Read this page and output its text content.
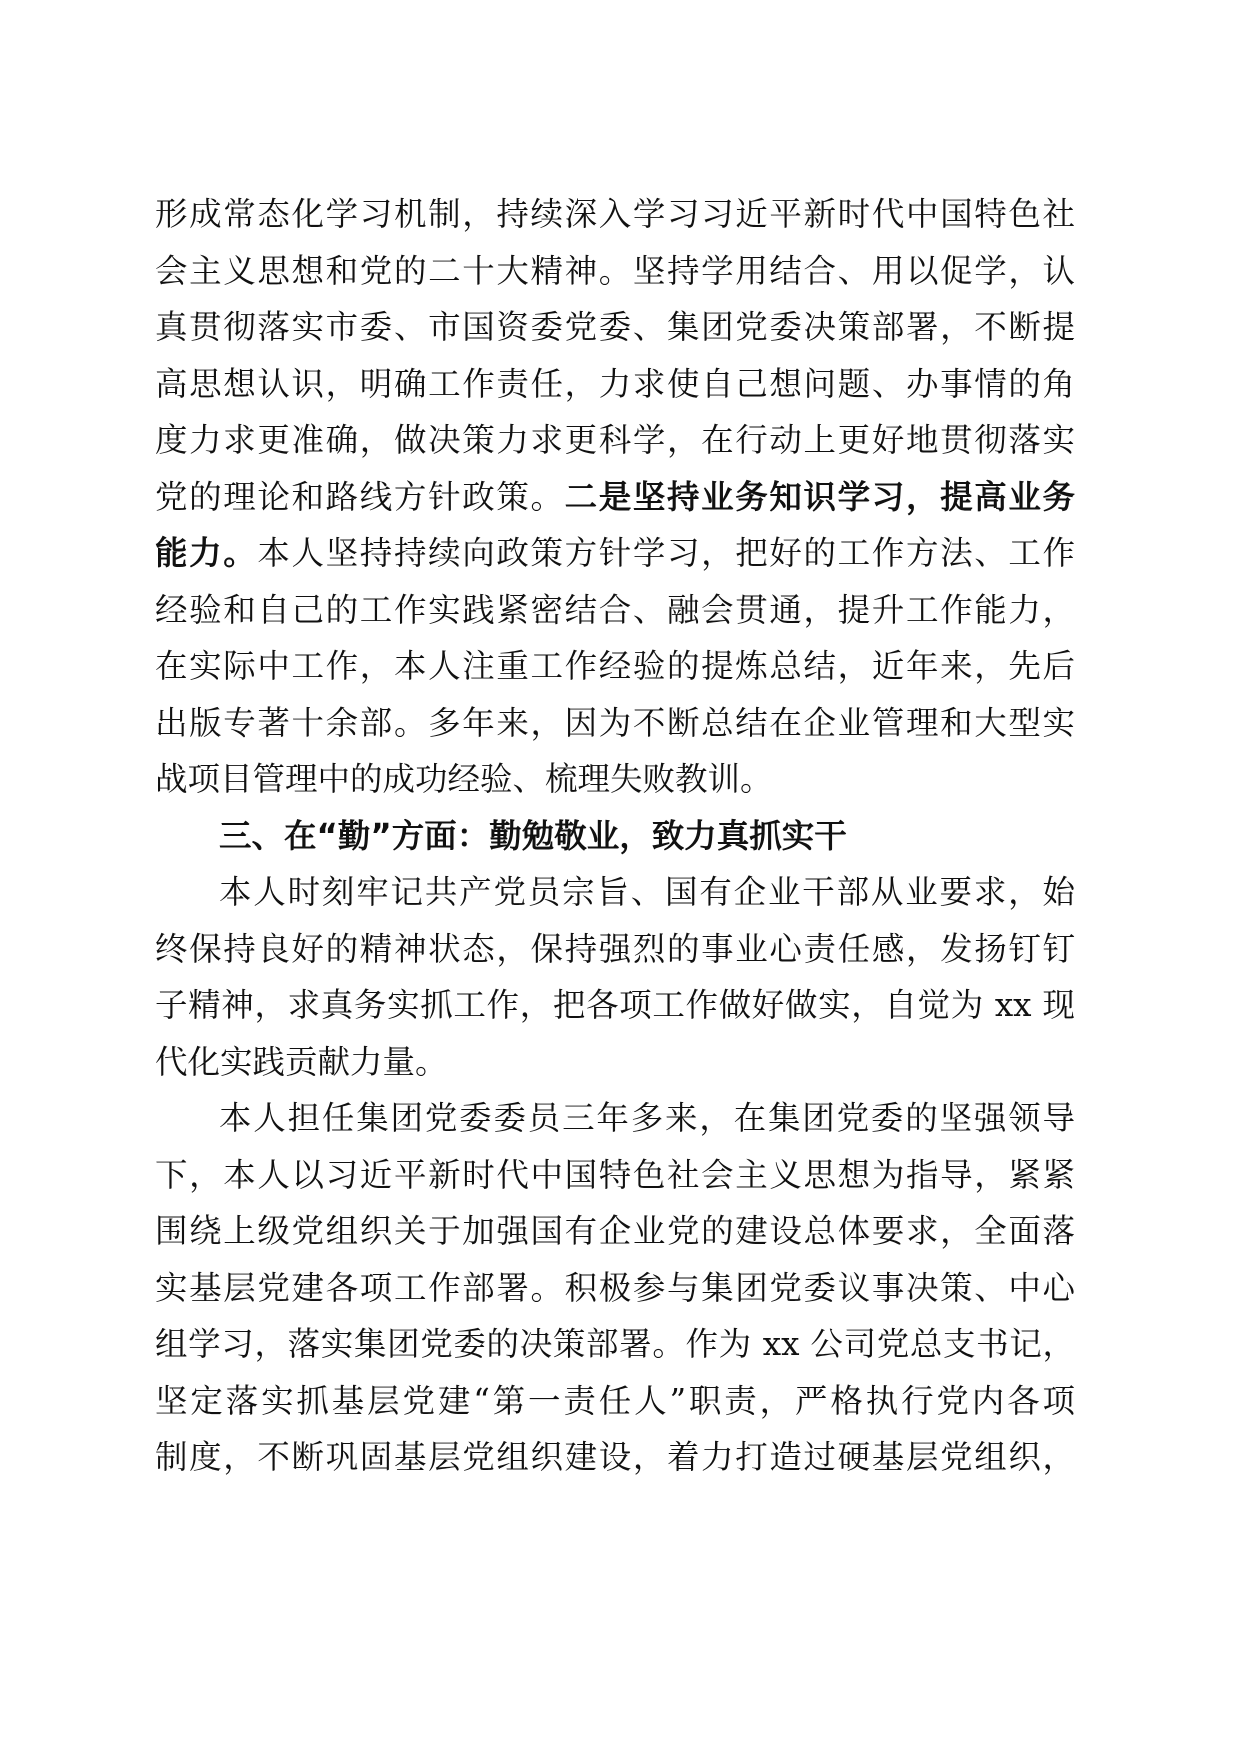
形成常态化学习机制，持续深入学习习近平新时代中国特色社
会主义思想和党的二十大精神。坚持学用结合、用以促学，认
真贯彻落实市委、市国资委党委、集团党委决策部署，不断提
高思想认识，明确工作责任，力求使自己想问题、办事情的角
度力求更准确，做决策力求更科学，在行动上更好地贯彻落实
党的理论和路线方针政策。二是坚持业务知识学习，提高业务
能力。本人坚持持续向政策方针学习，把好的工作方法、工作
经验和自己的工作实践紧密结合、融会贯通，提升工作能力，
在实际中工作，本人注重工作经验的提炼总结，近年来，先后
出版专著十余部。多年来，因为不断总结在企业管理和大型实
战项目管理中的成功经验、梳理失败教训。
三、在“勤”方面：勤勉敬业，致力真抓实干
本人时刻牢记共产党员宗旨、国有企业干部从业要求，始
终保持良好的精神状态，保持强烈的事业心责任感，发扬钉钉
子精神，求真务实抓工作，把各项工作做好做实，自觉为 xx 现
代化实践贡献力量。
本人担任集团党委委员三年多来，在集团党委的坚强领导
下，本人以习近平新时代中国特色社会主义思想为指导，紧紧
围绕上级党组织关于加强国有企业党的建设总体要求，全面落
实基层党建各项工作部署。积极参与集团党委议事决策、中心
组学习，落实集团党委的决策部署。作为 xx 公司党总支书记，
坚定落实抓基层党建“第一责任人”职责，严格执行党内各项
制度，不断巩固基层党组织建设，着力打造过硬基层党组织，
